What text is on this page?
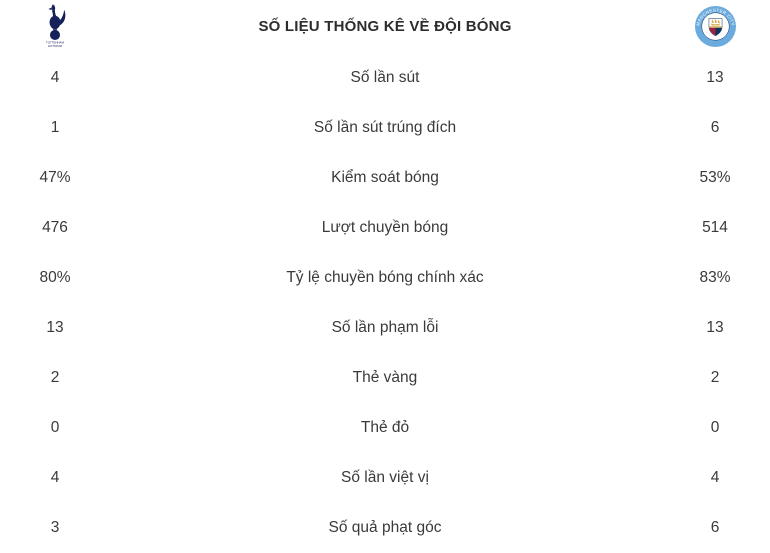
TOTTENHAM
HOTSPUR
SỐ LIỆU THỐNG KÊ VỀ ĐỘI BÓNG	MANCHESTER CITY
4	Số lần sút	13
1	Số lần sút trúng đích	6
47%	Kiểm soát bóng	53%
476	Lượt chuyền bóng	514
80%	Tỷ lệ chuyền bóng chính xác	83%
13	Số lần phạm lỗi	13
2	Thẻ vàng	2
0	Thẻ đỏ	0
4	Số lần việt vị	4
3	Số quả phạt góc	6
